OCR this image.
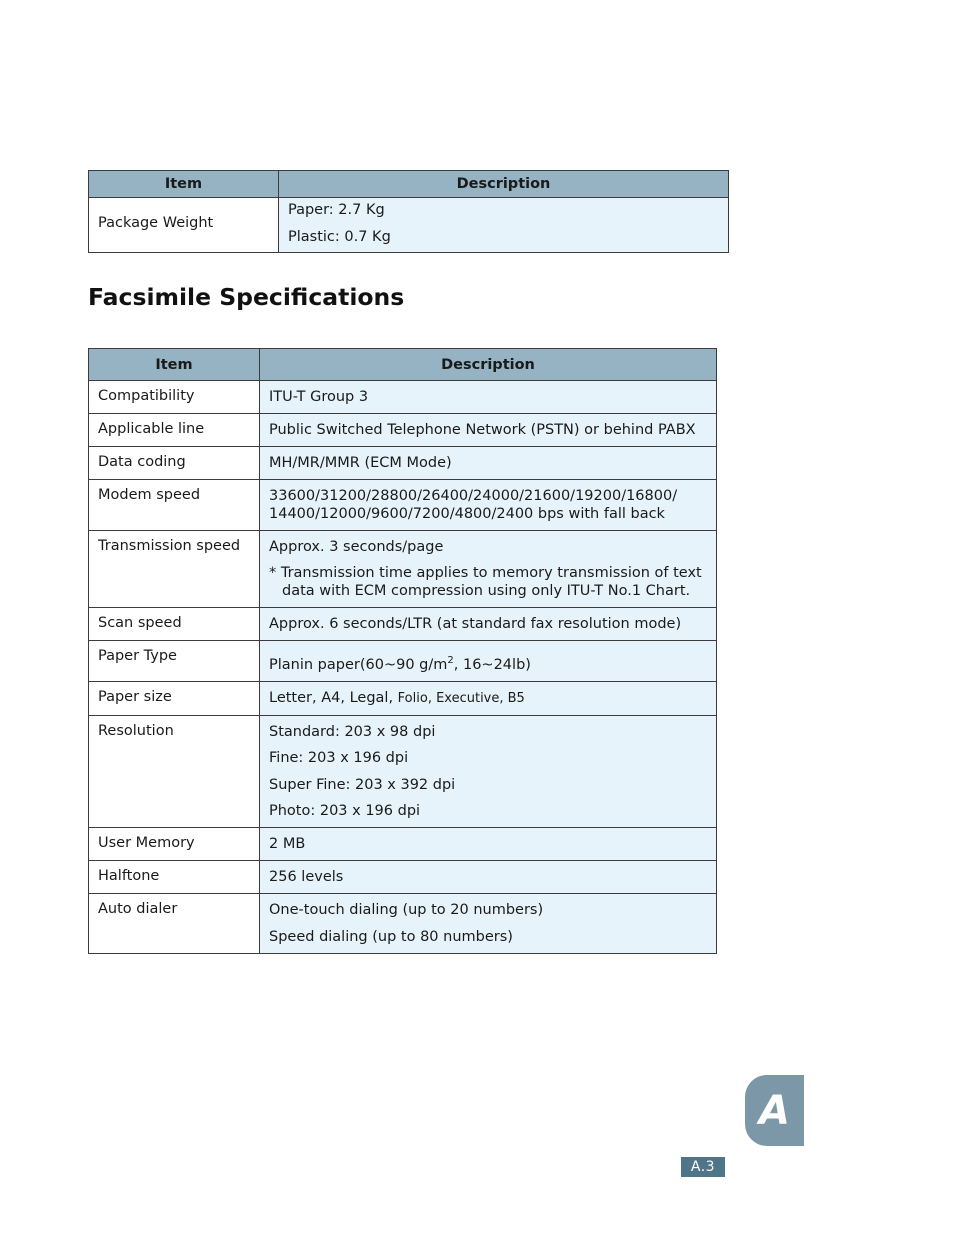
Item	Description
Package Weight	Paper: 2.7 Kg
Plastic: 0.7 Kg
Facsimile Specifications
Item	Description
Compatibility	ITU-T Group 3

Applicable line	Public Switched Telephone Network (PSTN) or behind PABX

Data coding	MH/MR/MMR (ECM Mode)

Modem speed	33600/31200/28800/26400/24000/21600/19200/16800/
14400/12000/9600/7200/4800/2400 bps with fall back

Transmission speed	Approx. 3 seconds/page
* Transmission time applies to memory transmission of text data with ECM compression using only ITU-T No.1 Chart.

Scan speed	Approx. 6 seconds/LTR (at standard fax resolution mode)

Paper Type	Planin paper(60~90 $g/m^2$, 16~24lb)

Paper size	Letter, A4, Legal, Folio, Executive, B5

Resolution	Standard: 203 x 98 dpi
Fine: 203 x 196 dpi
Super Fine: 203 x 392 dpi
Photo: 203 x 196 dpi

User Memory	2 MB

Halftone	256 levels

Auto dialer	One-touch dialing (up to 20 numbers)
Speed dialing (up to 80 numbers)
A
A.3
